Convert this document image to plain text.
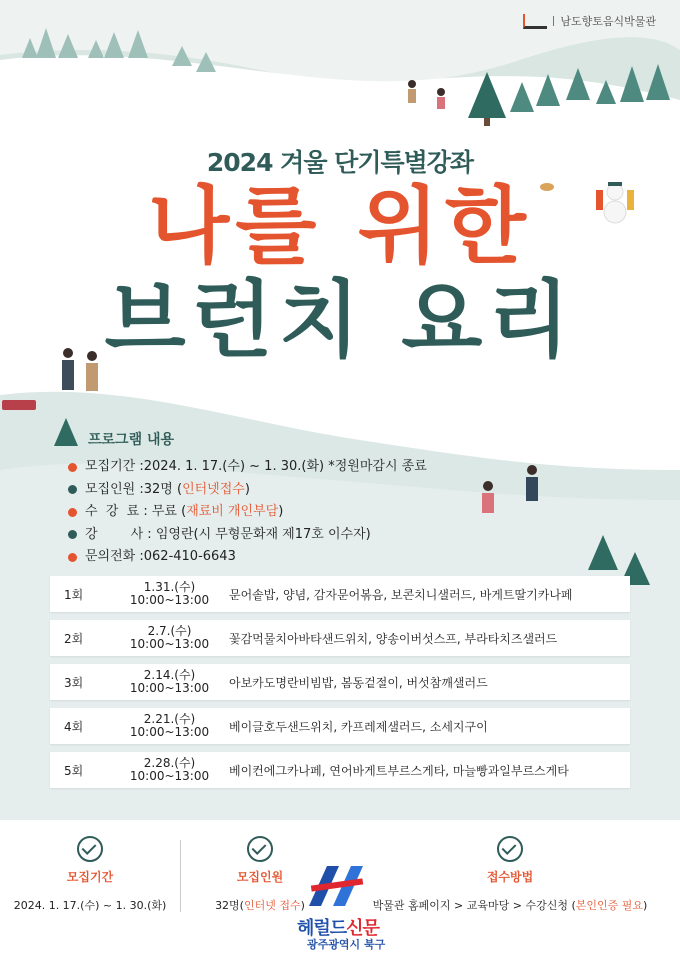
남도향토음식박물관
2024 겨울 단기특별강좌
나를 위한
브런치 요리
프로그램 내용
모집기간 : 2024. 1. 17.(수) ~ 1. 30.(화) *정원마감시 종료
모집인원 : 32명 ( 인터넷접수 )
수  강  료 : 무료 ( 재료비 개인부담 )
강        사 : 임영란(시 무형문화재 제17호 이수자)
문의전화 : 062-410-6643
1회
1.31.(수)
10:00~13:00	문어솥밥, 양념, 감자문어볶음, 보콘치니샐러드, 바게트딸기카나페
2회
2.7.(수)
10:00~13:00	꽃감먹물치아바타샌드위치, 양송이버섯스프, 부라타치즈샐러드
3회
2.14.(수)
10:00~13:00	아보카도명란비빔밥, 봄동겉절이, 버섯참깨샐러드
4회
2.21.(수)
10:00~13:00	베이글호두샌드위치, 카프레제샐러드, 소세지구이
5회
2.28.(수)
10:00~13:00	베이컨에그카나페, 연어바게트부르스게타, 마늘빵과일부르스게타
모집기간
2024. 1. 17.(수) ~ 1. 30.(화)
모집인원
32명(인터넷 접수)
접수방법
박물관 홈페이지 > 교육마당 > 수강신청 (본인인증 필요)
헤럴드신문
광주광역시 북구
